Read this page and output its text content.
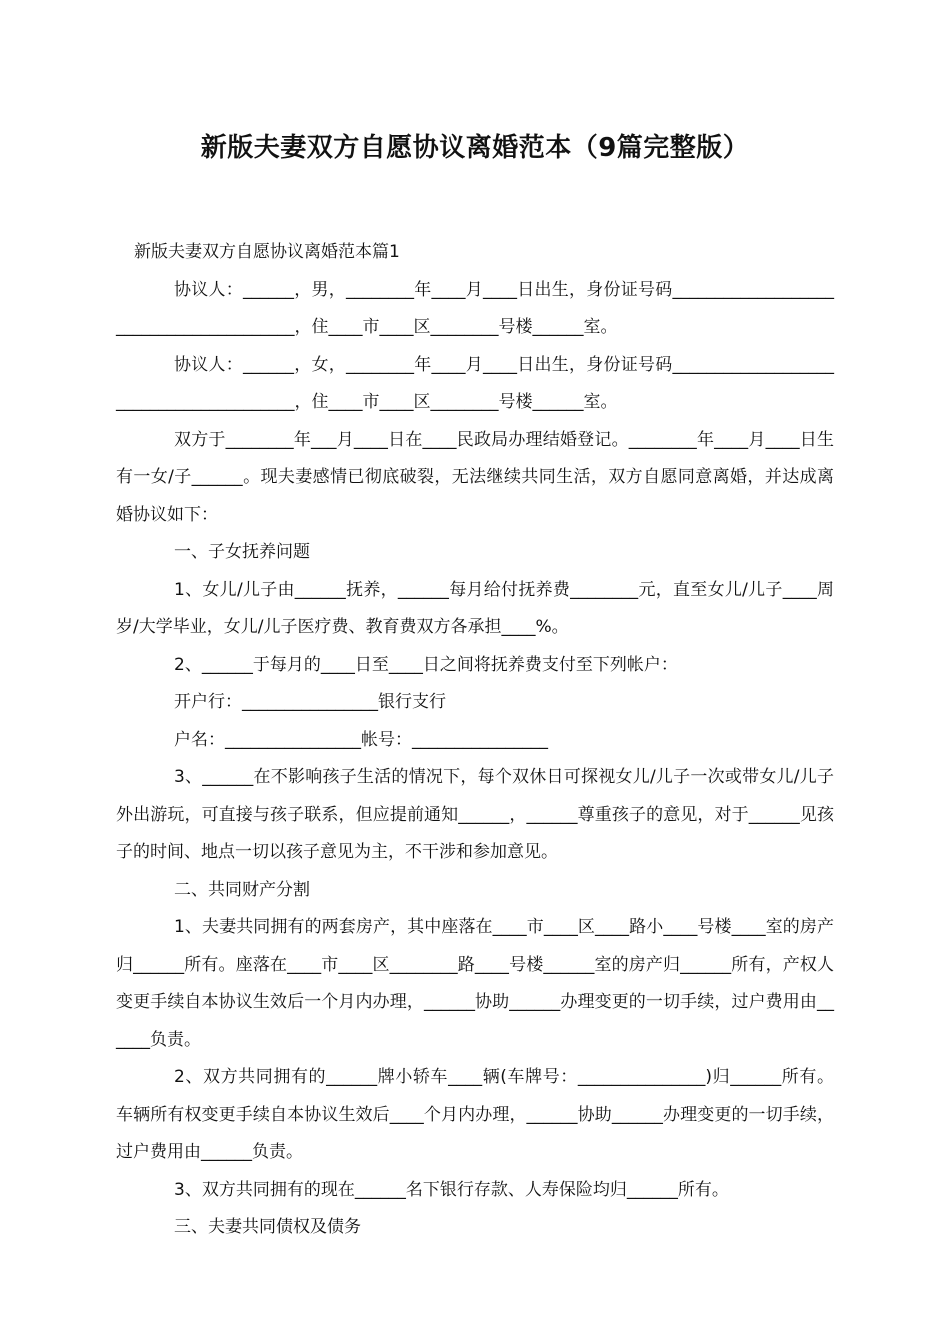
新版夫妻双方自愿协议离婚范本（9篇完整版）

新版夫妻双方自愿协议离婚范本篇1

协议人：______，男，________年____月____日出生，身份证号码________________________________________，住____市____区________号楼______室。

协议人：______，女，________年____月____日出生，身份证号码________________________________________，住____市____区________号楼______室。

双方于________年___月____日在____民政局办理结婚登记。________年____月____日生有一女/子______。现夫妻感情已彻底破裂，无法继续共同生活，双方自愿同意离婚，并达成离婚协议如下：

一、子女抚养问题

1、女儿/儿子由______抚养，______每月给付抚养费________元，直至女儿/儿子____周岁/大学毕业，女儿/儿子医疗费、教育费双方各承担____%。

2、______于每月的____日至____日之间将抚养费支付至下列帐户：

开户行：________________银行支行

户名：________________帐号：________________

3、______在不影响孩子生活的情况下，每个双休日可探视女儿/儿子一次或带女儿/儿子外出游玩，可直接与孩子联系，但应提前通知______，______尊重孩子的意见，对于______见孩子的时间、地点一切以孩子意见为主，不干涉和参加意见。

二、共同财产分割

1、夫妻共同拥有的两套房产，其中座落在____市____区____路小____号楼____室的房产归______所有。座落在____市____区________路____号楼______室的房产归______所有，产权人变更手续自本协议生效后一个月内办理，______协助______办理变更的一切手续，过户费用由______负责。

2、双方共同拥有的______牌小轿车____辆(车牌号：_______________)归______所有。车辆所有权变更手续自本协议生效后____个月内办理，______协助______办理变更的一切手续，过户费用由______负责。

3、双方共同拥有的现在______名下银行存款、人寿保险均归______所有。

三、夫妻共同债权及债务
